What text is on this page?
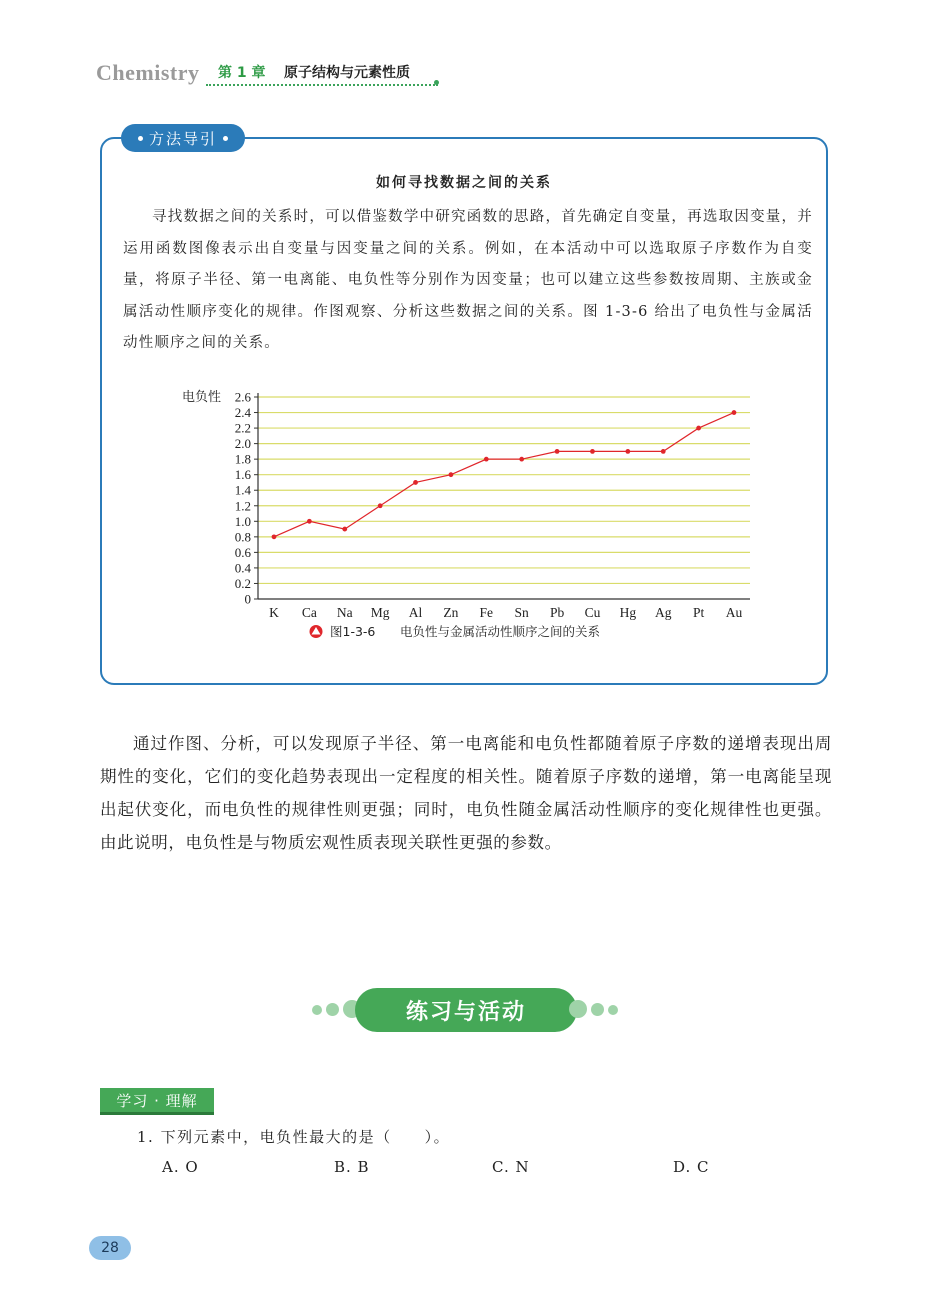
Chemistry 第 1 章 原子结构与元素性质
方法导引
如何寻找数据之间的关系

寻找数据之间的关系时，可以借鉴数学中研究函数的思路，首先确定自变量，再选取因变量，并运用函数图像表示出自变量与因变量之间的关系。例如，在本活动中可以选取原子序数作为自变量，将原子半径、第一电离能、电负性等分别作为因变量；也可以建立这些参数按周期、主族或金属活动性顺序变化的规律。作图观察、分析这些数据之间的关系。图 1-3-6 给出了电负性与金属活动性顺序之间的关系。

0
0.2
0.4
0.6
0.8
1.0
1.2
1.4
1.6
1.8
2.0
2.2
2.4
2.6
电负性
K Ca Na Mg Al Zn Fe Sn Pb Cu Hg Ag Pt Au
图1-3-6 电负性与金属活动性顺序之间的关系

通过作图、分析，可以发现原子半径、第一电离能和电负性都随着原子序数的递增表现出周期性的变化，它们的变化趋势表现出一定程度的相关性。随着原子序数的递增，第一电离能呈现出起伏变化，而电负性的规律性则更强；同时，电负性随金属活动性顺序的变化规律性也更强。由此说明，电负性是与物质宏观性质表现关联性更强的参数。

练习与活动
学习 · 理解
1. 下列元素中，电负性最大的是（　　）。
A. O	B. B	C. N	D. C
28
